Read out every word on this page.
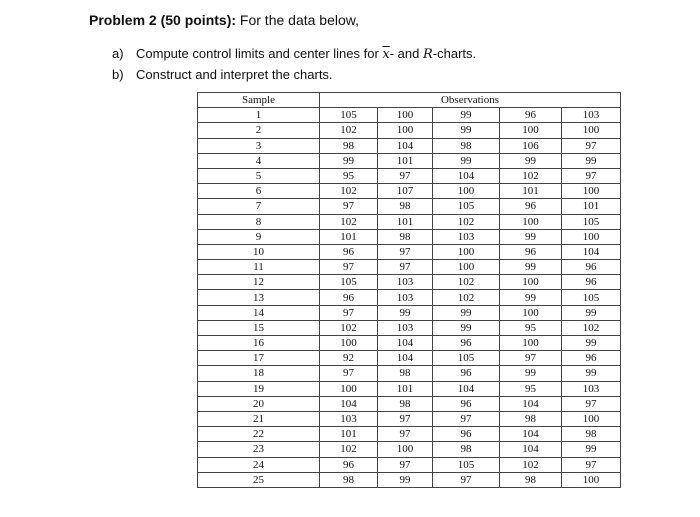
Problem 2 (50 points): For the data below,
a) Compute control limits and center lines for $\overline{x}-$ and R-charts.
b) Construct and interpret the charts.
Sample	Observations				
1	105	100	99	96	103
2	102	100	99	100	100
3	98	104	98	106	97
4	99	101	99	99	99
5	95	97	104	102	97
6	102	107	100	101	100
7	97	98	105	96	101
8	102	101	102	100	105
9	101	98	103	99	100
10	96	97	100	96	104
11	97	97	100	99	96
12	105	103	102	100	96
13	96	103	102	99	105
14	97	99	99	100	99
15	102	103	99	95	102
16	100	104	96	100	99
17	92	104	105	97	96
18	97	98	96	99	99
19	100	101	104	95	103
20	104	98	96	104	97
21	103	97	97	98	100
22	101	97	96	104	98
23	102	100	98	104	99
24	96	97	105	102	97
25	98	99	97	98	100
